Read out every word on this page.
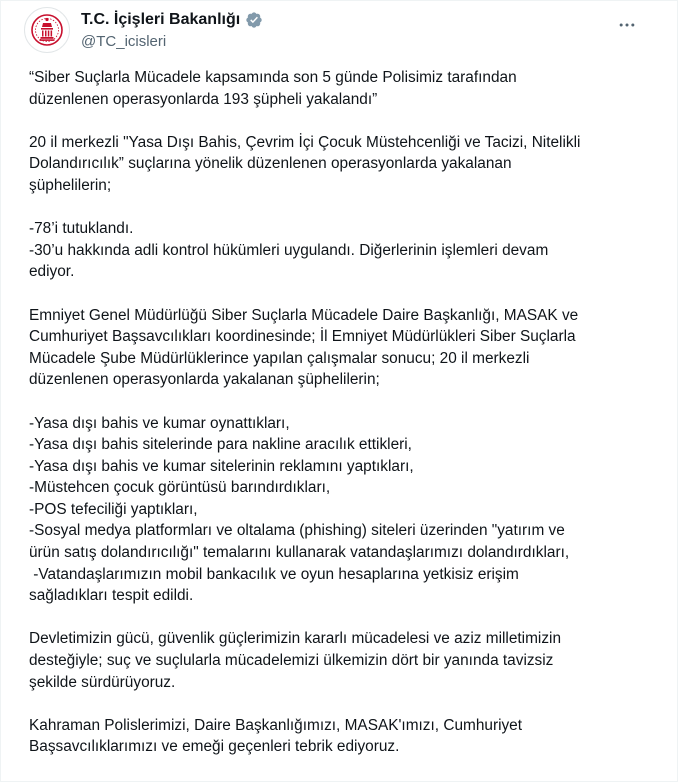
T.C. İçişleri Bakanlığı
@TC_icisleri
“Siber Suçlarla Mücadele kapsamında son 5 günde Polisimiz tarafından
düzenlenen operasyonlarda 193 şüpheli yakalandı”
20 il merkezli "Yasa Dışı Bahis, Çevrim İçi Çocuk Müstehcenliği ve Tacizi, Nitelikli
Dolandırıcılık” suçlarına yönelik düzenlenen operasyonlarda yakalanan
şüphelilerin;
-78’i tutuklandı.
-30’u hakkında adli kontrol hükümleri uygulandı. Diğerlerinin işlemleri devam
ediyor.
Emniyet Genel Müdürlüğü Siber Suçlarla Mücadele Daire Başkanlığı, MASAK ve
Cumhuriyet Başsavcılıkları koordinesinde; İl Emniyet Müdürlükleri Siber Suçlarla
Mücadele Şube Müdürlüklerince yapılan çalışmalar sonucu; 20 il merkezli
düzenlenen operasyonlarda yakalanan şüphelilerin;
-Yasa dışı bahis ve kumar oynattıkları,
-Yasa dışı bahis sitelerinde para nakline aracılık ettikleri,
-Yasa dışı bahis ve kumar sitelerinin reklamını yaptıkları,
-Müstehcen çocuk görüntüsü barındırdıkları,
-POS tefeciliği yaptıkları,
-Sosyal medya platformları ve oltalama (phishing) siteleri üzerinden "yatırım ve
ürün satış dolandırıcılığı" temalarını kullanarak vatandaşlarımızı dolandırdıkları,
-Vatandaşlarımızın mobil bankacılık ve oyun hesaplarına yetkisiz erişim
sağladıkları tespit edildi.
Devletimizin gücü, güvenlik güçlerimizin kararlı mücadelesi ve aziz milletimizin
desteğiyle; suç ve suçlularla mücadelemizi ülkemizin dört bir yanında tavizsiz
şekilde sürdürüyoruz.
Kahraman Polislerimizi, Daire Başkanlığımızı, MASAK'ımızı, Cumhuriyet
Başsavcılıklarımızı ve emeği geçenleri tebrik ediyoruz.
